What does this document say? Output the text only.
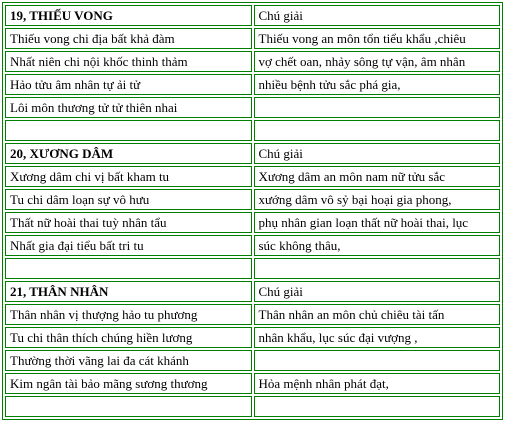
19, THIẾU VONG	Chú giải
Thiếu vong chi địa bất khả đàm	Thiếu vong an môn tổn tiểu khẩu ,chiêu
Nhất niên chi nội khốc thinh thảm	vợ chết oan, nhảy sông tự vận, âm nhân
Hảo tửu âm nhân tự ải tử	nhiều bệnh tửu sắc phá gia,
Lôi môn thương tử tử thiên nhai	

20, XƯƠNG DÂM	Chú giải
Xương dâm chi vị bất kham tu	Xương dâm an môn nam nữ tửu sắc
Tu chi dâm loạn sự vô hưu	xướng dâm vô sỷ bại hoại gia phong,
Thất nữ hoài thai tuỳ nhân tẩu	phụ nhân gian loạn thất nữ hoài thai, lục
Nhất gia đại tiểu bất tri tu	súc không thâu,

21, THÂN NHÂN	Chú giải
Thân nhân vị thượng hảo tu phương	Thân nhân an môn chủ chiêu tài tấn
Tu chi thân thích chúng hiền lương	nhân khẩu, lục súc đại vượng ,
Thường thời vãng lai đa cát khánh	
Kim ngân tài bảo mãng sương thương	Hỏa mệnh nhân phát đạt,
